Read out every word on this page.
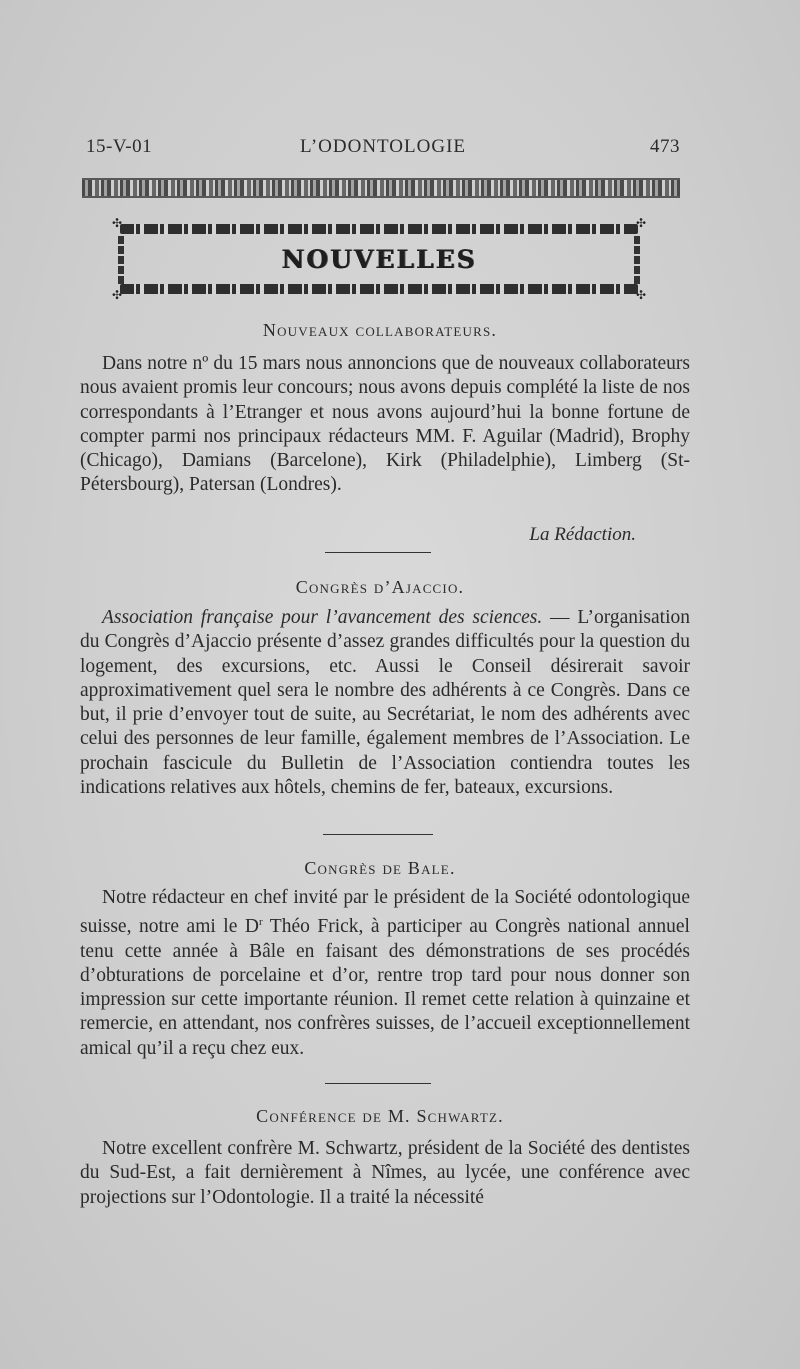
15-V-01	L’ODONTOLOGIE	473
✣	✣
✣	✣
NOUVELLES
Nouveaux collaborateurs.
Dans notre nº du 15 mars nous annoncions que de nouveaux collaborateurs nous avaient promis leur concours; nous avons depuis complété la liste de nos correspondants à l’Etranger et nous avons aujourd’hui la bonne fortune de compter parmi nos principaux rédacteurs MM. F. Aguilar (Madrid), Brophy (Chicago), Damians (Barcelone), Kirk (Philadelphie), Limberg (St-Pétersbourg), Patersan (Londres).
La Rédaction.
Congrès d’Ajaccio.
Association française pour l’avancement des sciences. — L’organisation du Congrès d’Ajaccio présente d’assez grandes difficultés pour la question du logement, des excursions, etc. Aussi le Conseil désirerait savoir approximativement quel sera le nombre des adhérents à ce Congrès. Dans ce but, il prie d’envoyer tout de suite, au Secrétariat, le nom des adhérents avec celui des personnes de leur famille, également membres de l’Association. Le prochain fascicule du Bulletin de l’Association contiendra toutes les indications relatives aux hôtels, chemins de fer, bateaux, excursions.
Congrès de Bale.
Notre rédacteur en chef invité par le président de la Société odontologique suisse, notre ami le $D^r$ Théo Frick, à participer au Congrès national annuel tenu cette année à Bâle en faisant des démonstrations de ses procédés d’obturations de porcelaine et d’or, rentre trop tard pour nous donner son impression sur cette importante réunion. Il remet cette relation à quinzaine et remercie, en attendant, nos confrères suisses, de l’accueil exceptionnellement amical qu’il a reçu chez eux.
Conférence de M. Schwartz.
Notre excellent confrère M. Schwartz, président de la Société des dentistes du Sud-Est, a fait dernièrement à Nîmes, au lycée, une conférence avec projections sur l’Odontologie. Il a traité la nécessité
